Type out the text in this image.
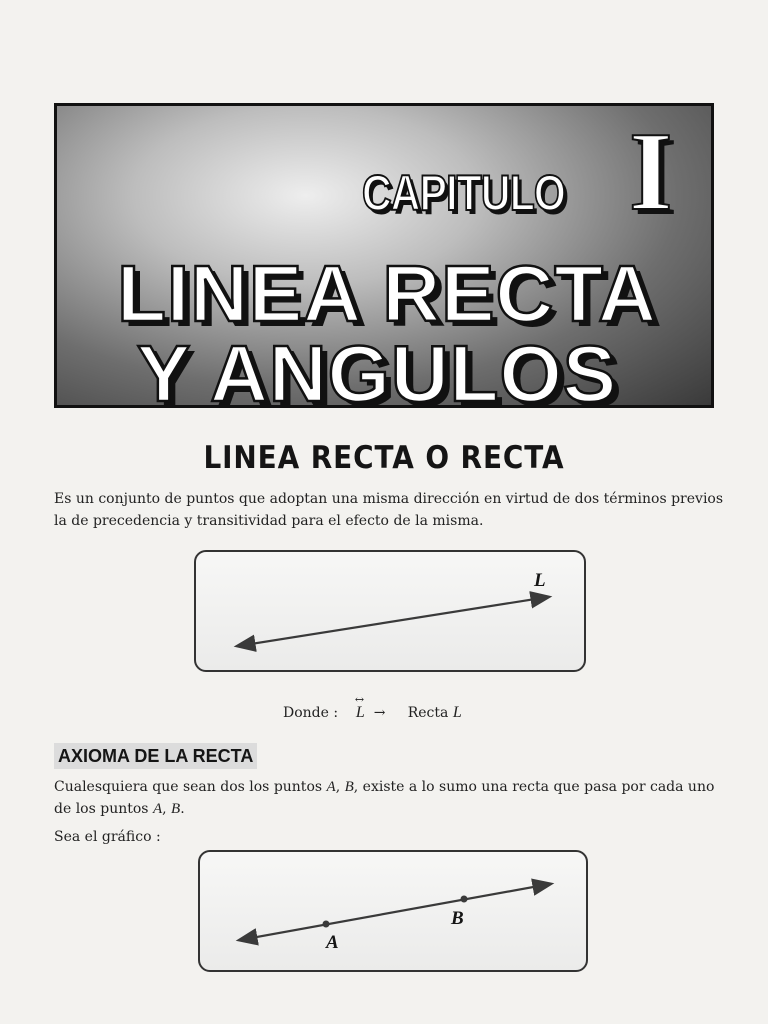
CAPITULO I
LINEA RECTA
Y ANGULOS
LINEA RECTA O RECTA

Es un conjunto de puntos que adoptan una misma dirección en virtud de dos términos previos la de precedencia y transitividad para el efecto de la misma.

L
Donde :
↔
L → Recta L
AXIOMA DE LA RECTA

Cualesquiera que sean dos los puntos A, B, existe a lo sumo una recta que pasa por cada uno de los puntos A, B.

Sea el gráfico :

A
B
